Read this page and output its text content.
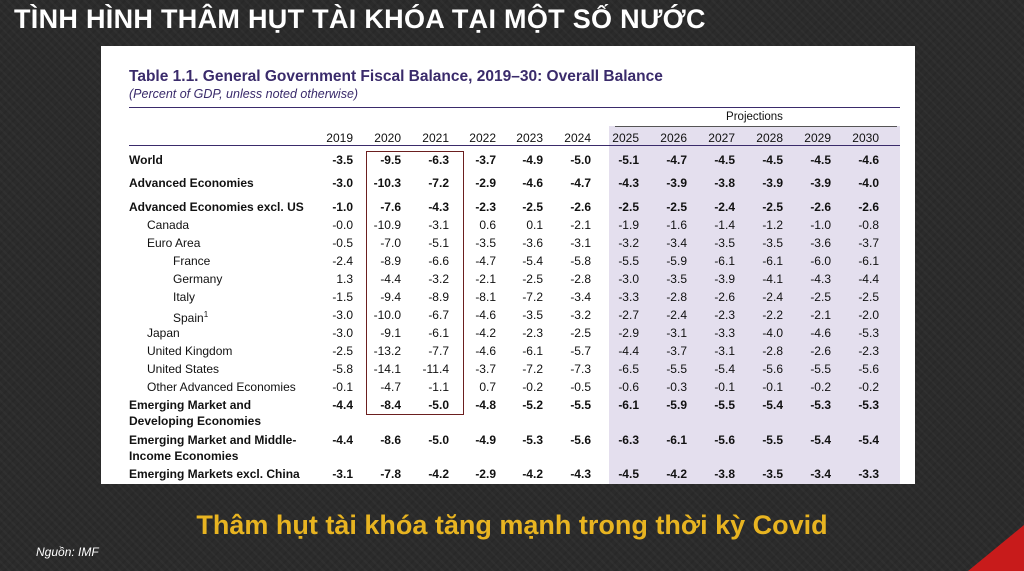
TÌNH HÌNH THÂM HỤT TÀI KHÓA TẠI MỘT SỐ NƯỚC
Table 1.1. General Government Fiscal Balance, 2019–30: Overall Balance
(Percent of GDP, unless noted otherwise)
Projections
2019	2020	2021	2022	2023	2024	2025	2026	2027	2028	2029	2030
World	-3.5	-9.5	-6.3	-3.7	-4.9	-5.0	-5.1	-4.7	-4.5	-4.5	-4.5	-4.6
Advanced Economies	-3.0	-10.3	-7.2	-2.9	-4.6	-4.7	-4.3	-3.9	-3.8	-3.9	-3.9	-4.0
Advanced Economies excl. US	-1.0	-7.6	-4.3	-2.3	-2.5	-2.6	-2.5	-2.5	-2.4	-2.5	-2.6	-2.6
Canada	-0.0	-10.9	-3.1	0.6	0.1	-2.1	-1.9	-1.6	-1.4	-1.2	-1.0	-0.8
Euro Area	-0.5	-7.0	-5.1	-3.5	-3.6	-3.1	-3.2	-3.4	-3.5	-3.5	-3.6	-3.7
France	-2.4	-8.9	-6.6	-4.7	-5.4	-5.8	-5.5	-5.9	-6.1	-6.1	-6.0	-6.1
Germany	1.3	-4.4	-3.2	-2.1	-2.5	-2.8	-3.0	-3.5	-3.9	-4.1	-4.3	-4.4
Italy	-1.5	-9.4	-8.9	-8.1	-7.2	-3.4	-3.3	-2.8	-2.6	-2.4	-2.5	-2.5
Spain$^1$	-3.0	-10.0	-6.7	-4.6	-3.5	-3.2	-2.7	-2.4	-2.3	-2.2	-2.1	-2.0
Japan	-3.0	-9.1	-6.1	-4.2	-2.3	-2.5	-2.9	-3.1	-3.3	-4.0	-4.6	-5.3
United Kingdom	-2.5	-13.2	-7.7	-4.6	-6.1	-5.7	-4.4	-3.7	-3.1	-2.8	-2.6	-2.3
United States	-5.8	-14.1	-11.4	-3.7	-7.2	-7.3	-6.5	-5.5	-5.4	-5.6	-5.5	-5.6
Other Advanced Economies	-0.1	-4.7	-1.1	0.7	-0.2	-0.5	-0.6	-0.3	-0.1	-0.1	-0.2	-0.2
Emerging Market and
Developing Economies
-4.4	-8.4	-5.0	-4.8	-5.2	-5.5	-6.1	-5.9	-5.5	-5.4	-5.3	-5.3
Emerging Market and Middle-
Income Economies
-4.4	-8.6	-5.0	-4.9	-5.3	-5.6	-6.3	-6.1	-5.6	-5.5	-5.4	-5.4
Emerging Markets excl. China	-3.1	-7.8	-4.2	-2.9	-4.2	-4.3	-4.5	-4.2	-3.8	-3.5	-3.4	-3.3
Thâm hụt tài khóa tăng mạnh trong thời kỳ Covid
Nguồn: IMF
